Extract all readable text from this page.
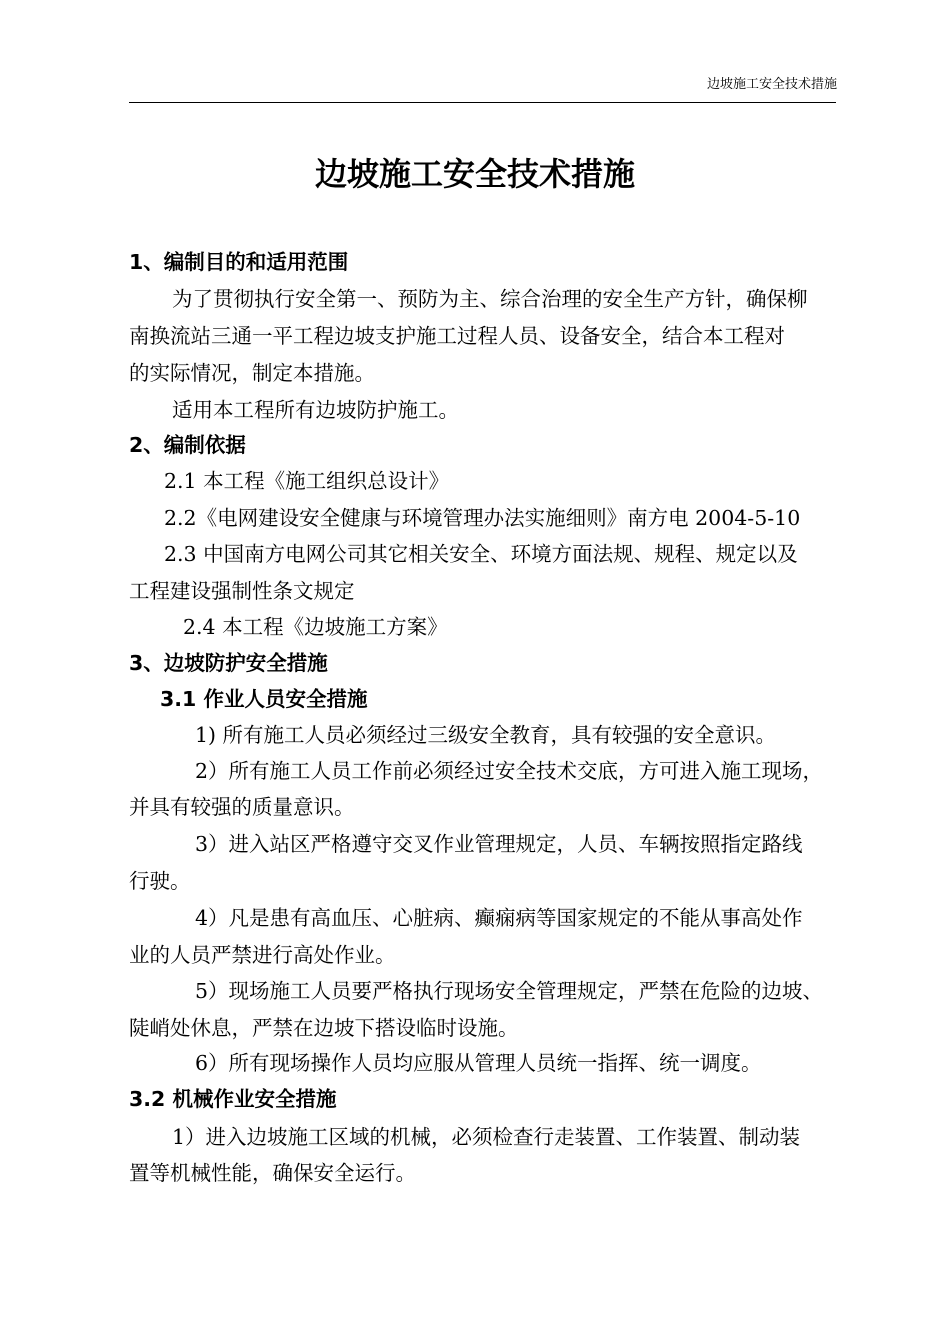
边坡施工安全技术措施
边坡施工安全技术措施
1、编制目的和适用范围
为了贯彻执行安全第一、预防为主、综合治理的安全生产方针，确保柳
南换流站三通一平工程边坡支护施工过程人员、设备安全，结合本工程对
的实际情况，制定本措施。
适用本工程所有边坡防护施工。
2、编制依据
2.1 本工程《施工组织总设计》
2.2《电网建设安全健康与环境管理办法实施细则》南方电 2004-5-10
2.3 中国南方电网公司其它相关安全、环境方面法规、规程、规定以及
工程建设强制性条文规定
2.4 本工程《边坡施工方案》
3、边坡防护安全措施
3.1 作业人员安全措施
1) 所有施工人员必须经过三级安全教育，具有较强的安全意识。
2）所有施工人员工作前必须经过安全技术交底，方可进入施工现场，
并具有较强的质量意识。
3）进入站区严格遵守交叉作业管理规定，人员、车辆按照指定路线
行驶。
4）凡是患有高血压、心脏病、癫痫病等国家规定的不能从事高处作
业的人员严禁进行高处作业。
5）现场施工人员要严格执行现场安全管理规定，严禁在危险的边坡、
陡峭处休息，严禁在边坡下搭设临时设施。
6）所有现场操作人员均应服从管理人员统一指挥、统一调度。
3.2 机械作业安全措施
1）进入边坡施工区域的机械，必须检查行走装置、工作装置、制动装
置等机械性能，确保安全运行。
